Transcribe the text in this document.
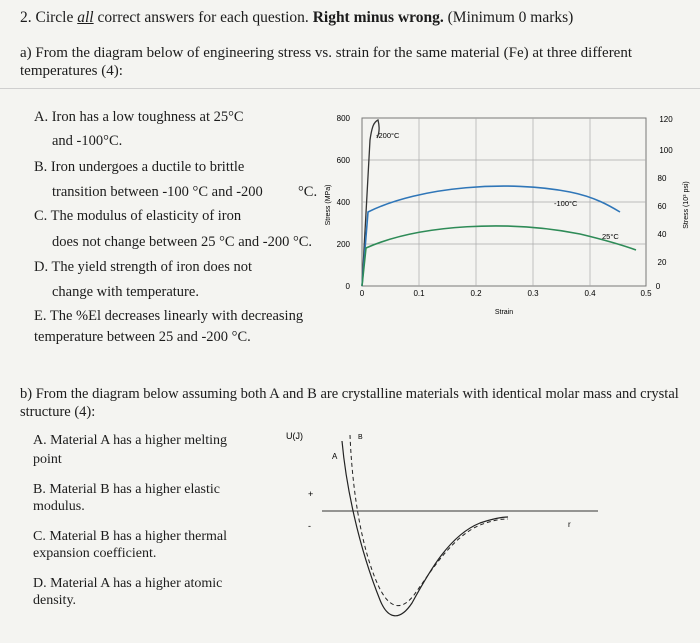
2. Circle all correct answers for each question. Right minus wrong. (Minimum 0 marks)
a) From the diagram below of engineering stress vs. strain for the same material (Fe) at three different temperatures (4):
A. Iron has a low toughness at 25°C
and -100°C.
B. Iron undergoes a ductile to brittle
transition between -100 °C and -200 °C.
C. The modulus of elasticity of iron
does not change between 25 °C and -200 °C.
D. The yield strength of iron does not
change with temperature.
E. The %El decreases linearly with decreasing
temperature between 25 and -200 °C.
0
200
400
600
800
Stress (MPa)
0
20
40
60
80
100
120
Stress (10³ psi)
0	0.1	0.2	0.3	0.4	0.5
Strain
-200°C
-100°C
25°C
b) From the diagram below assuming both A and B are crystalline materials with identical molar mass and crystal structure (4):
A. Material A has a higher melting
point
B. Material B has a higher elastic
modulus.
C. Material B has a higher thermal
expansion coefficient.
D. Material A has a higher atomic
density.
U(J)
+
-	r
A
B
